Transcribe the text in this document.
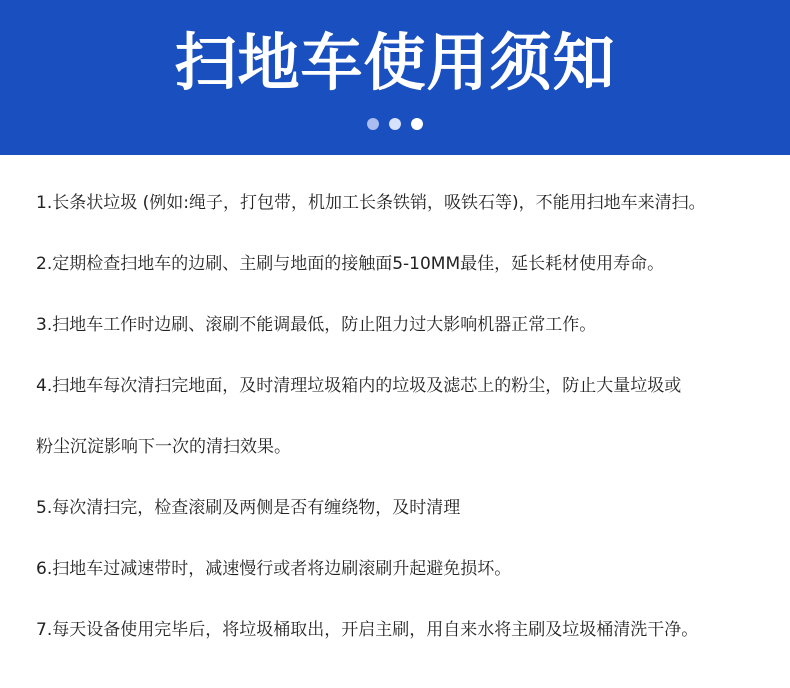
扫地车使用须知
1.长条状垃圾 (例如:绳子，打包带，机加工长条铁销，吸铁石等)，不能用扫地车来清扫。
2.定期检查扫地车的边刷、主刷与地面的接触面5-10MM最佳，延长耗材使用寿命。
3.扫地车工作时边刷、滚刷不能调最低，防止阻力过大影响机器正常工作。
4.扫地车每次清扫完地面，及时清理垃圾箱内的垃圾及滤芯上的粉尘，防止大量垃圾或
粉尘沉淀影响下一次的清扫效果。
5.每次清扫完，检查滚刷及两侧是否有缠绕物，及时清理
6.扫地车过减速带时，减速慢行或者将边刷滚刷升起避免损坏。
7.每天设备使用完毕后，将垃圾桶取出，开启主刷，用自来水将主刷及垃圾桶清洗干净。
